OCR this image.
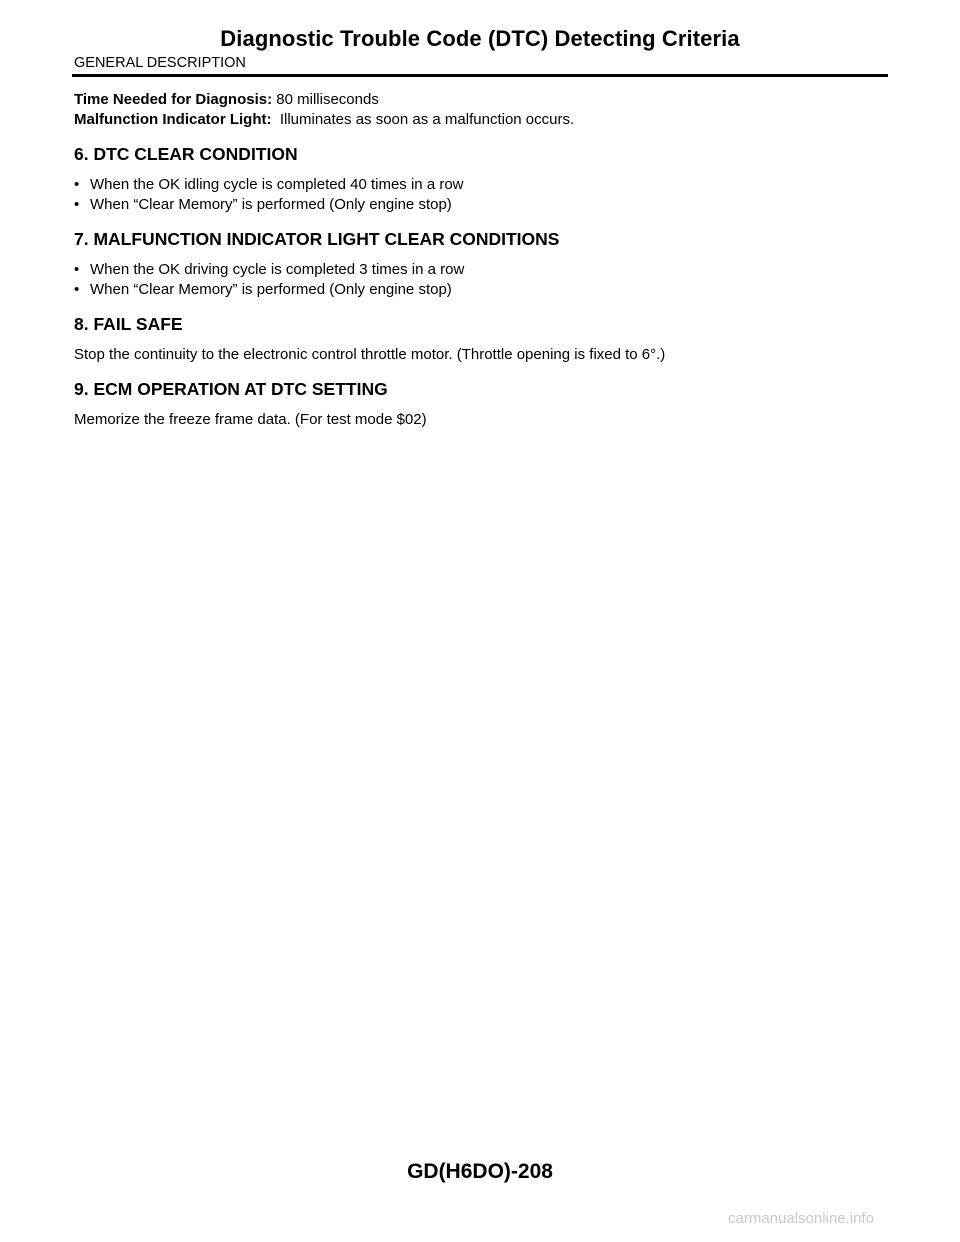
Diagnostic Trouble Code (DTC) Detecting Criteria
GENERAL DESCRIPTION
Time Needed for Diagnosis: 80 milliseconds
Malfunction Indicator Light: Illuminates as soon as a malfunction occurs.
6. DTC CLEAR CONDITION
• When the OK idling cycle is completed 40 times in a row
• When “Clear Memory” is performed (Only engine stop)
7. MALFUNCTION INDICATOR LIGHT CLEAR CONDITIONS
• When the OK driving cycle is completed 3 times in a row
• When “Clear Memory” is performed (Only engine stop)
8. FAIL SAFE
Stop the continuity to the electronic control throttle motor. (Throttle opening is fixed to 6°.)
9. ECM OPERATION AT DTC SETTING
Memorize the freeze frame data. (For test mode $02)
GD(H6DO)-208
carmanualsonline.info
